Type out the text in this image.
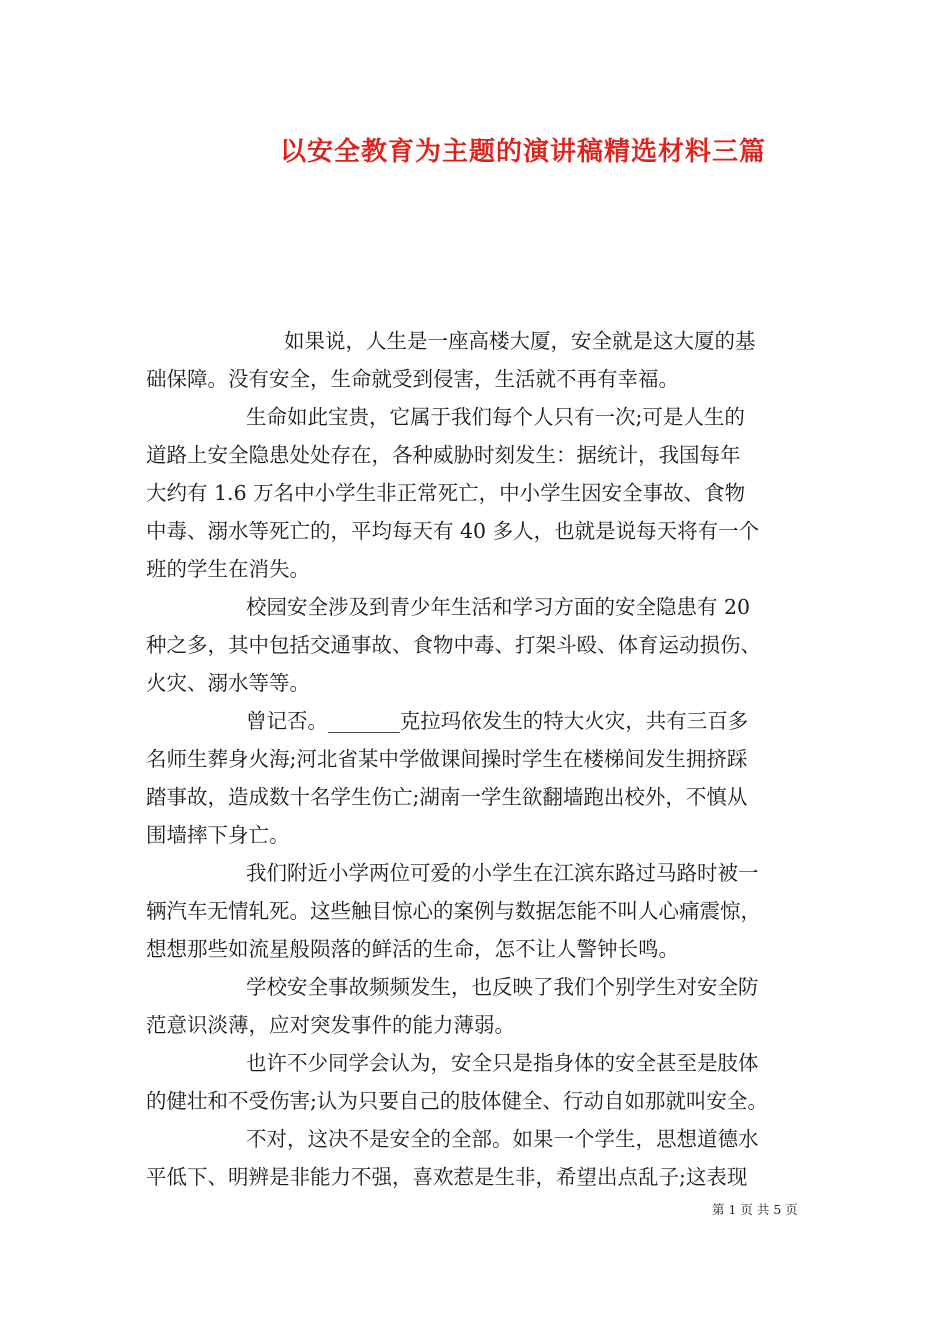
以安全教育为主题的演讲稿精选材料三篇
如果说，人生是一座高楼大厦，安全就是这大厦的基
础保障。没有安全，生命就受到侵害，生活就不再有幸福。
生命如此宝贵，它属于我们每个人只有一次;可是人生的
道路上安全隐患处处存在，各种威胁时刻发生：据统计，我国每年
大约有 1.6 万名中小学生非正常死亡，中小学生因安全事故、食物
中毒、溺水等死亡的，平均每天有 40 多人，也就是说每天将有一个
班的学生在消失。
校园安全涉及到青少年生活和学习方面的安全隐患有 20
种之多，其中包括交通事故、食物中毒、打架斗殴、体育运动损伤、
火灾、溺水等等。
曾记否。_______克拉玛依发生的特大火灾，共有三百多
名师生葬身火海;河北省某中学做课间操时学生在楼梯间发生拥挤踩
踏事故，造成数十名学生伤亡;湖南一学生欲翻墙跑出校外，不慎从
围墙摔下身亡。
我们附近小学两位可爱的小学生在江滨东路过马路时被一
辆汽车无情轧死。这些触目惊心的案例与数据怎能不叫人心痛震惊，
想想那些如流星般陨落的鲜活的生命，怎不让人警钟长鸣。
学校安全事故频频发生，也反映了我们个别学生对安全防
范意识淡薄，应对突发事件的能力薄弱。
也许不少同学会认为，安全只是指身体的安全甚至是肢体
的健壮和不受伤害;认为只要自己的肢体健全、行动自如那就叫安全。
不对，这决不是安全的全部。如果一个学生，思想道德水
平低下、明辨是非能力不强，喜欢惹是生非，希望出点乱子;这表现
第 1 页 共 5 页
